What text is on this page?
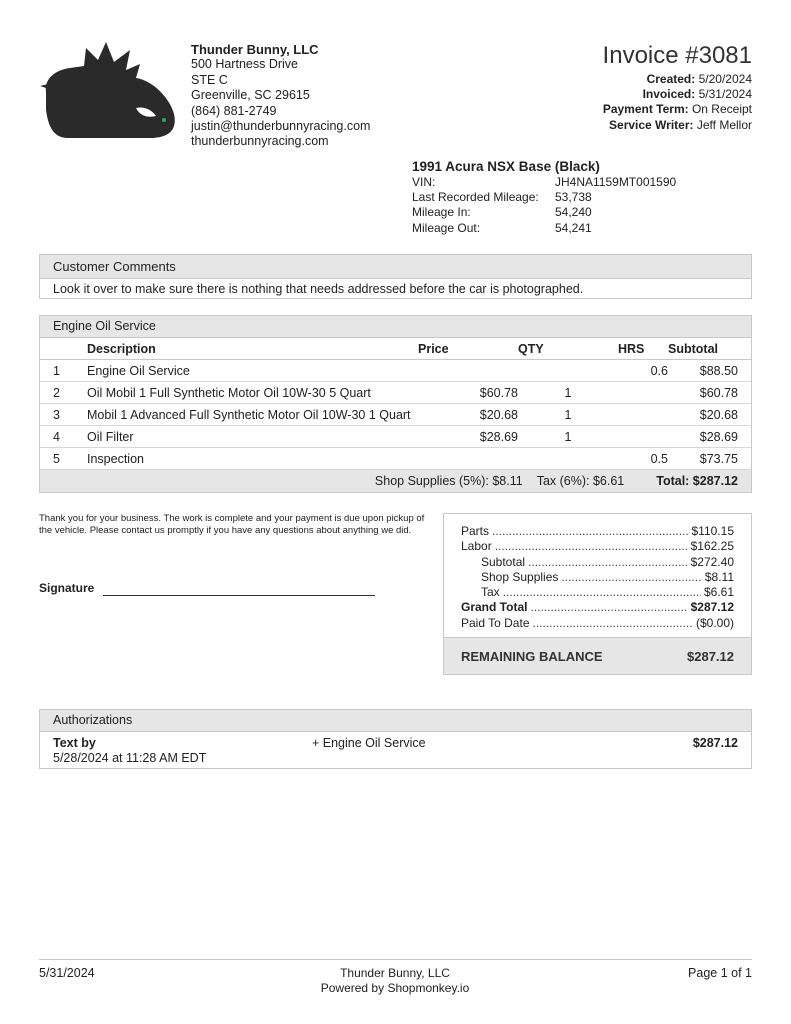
Thunder Bunny, LLC
500 Hartness Drive
STE C
Greenville, SC 29615
(864) 881-2749
justin@thunderbunnyracing.com
thunderbunnyracing.com
Invoice #3081
Created: 5/20/2024
Invoiced: 5/31/2024
Payment Term: On Receipt
Service Writer: Jeff Mellor
1991 Acura NSX Base (Black)
VIN:	JH4NA1159MT001590
Last Recorded Mileage:	53,738
Mileage In:	54,240
Mileage Out:	54,241
Customer Comments
Look it over to make sure there is nothing that needs addressed before the car is photographed.
Engine Oil Service
	Description	Price	QTY	HRS	Subtotal
1	Engine Oil Service			0.6	$88.50
2	Oil Mobil 1 Full Synthetic Motor Oil 10W-30 5 Quart	$60.78	1		$60.78
3	Mobil 1 Advanced Full Synthetic Motor Oil 10W-30 1 Quart	$20.68	1		$20.68
4	Oil Filter	$28.69	1		$28.69
5	Inspection			0.5	$73.75
Shop Supplies (5%): $8.11 Tax (6%): $6.61	Total: $287.12
Thank you for your business. The work is complete and your payment is due upon pickup of the vehicle. Please contact us promptly if you have any questions about anything we did.
Signature
Parts .....	$110.15
Labor .....	$162.25
Subtotal .....	$272.40
Shop Supplies .....	$8.11
Tax .....	$6.61
Grand Total .....	$287.12
Paid To Date .....	($0.00)
REMAINING BALANCE	$287.12
Authorizations
Text by
5/28/2024 at 11:28 AM EDT
+ Engine Oil Service	$287.12
5/31/2024	Thunder Bunny, LLC
Powered by Shopmonkey.io
Page 1 of 1
